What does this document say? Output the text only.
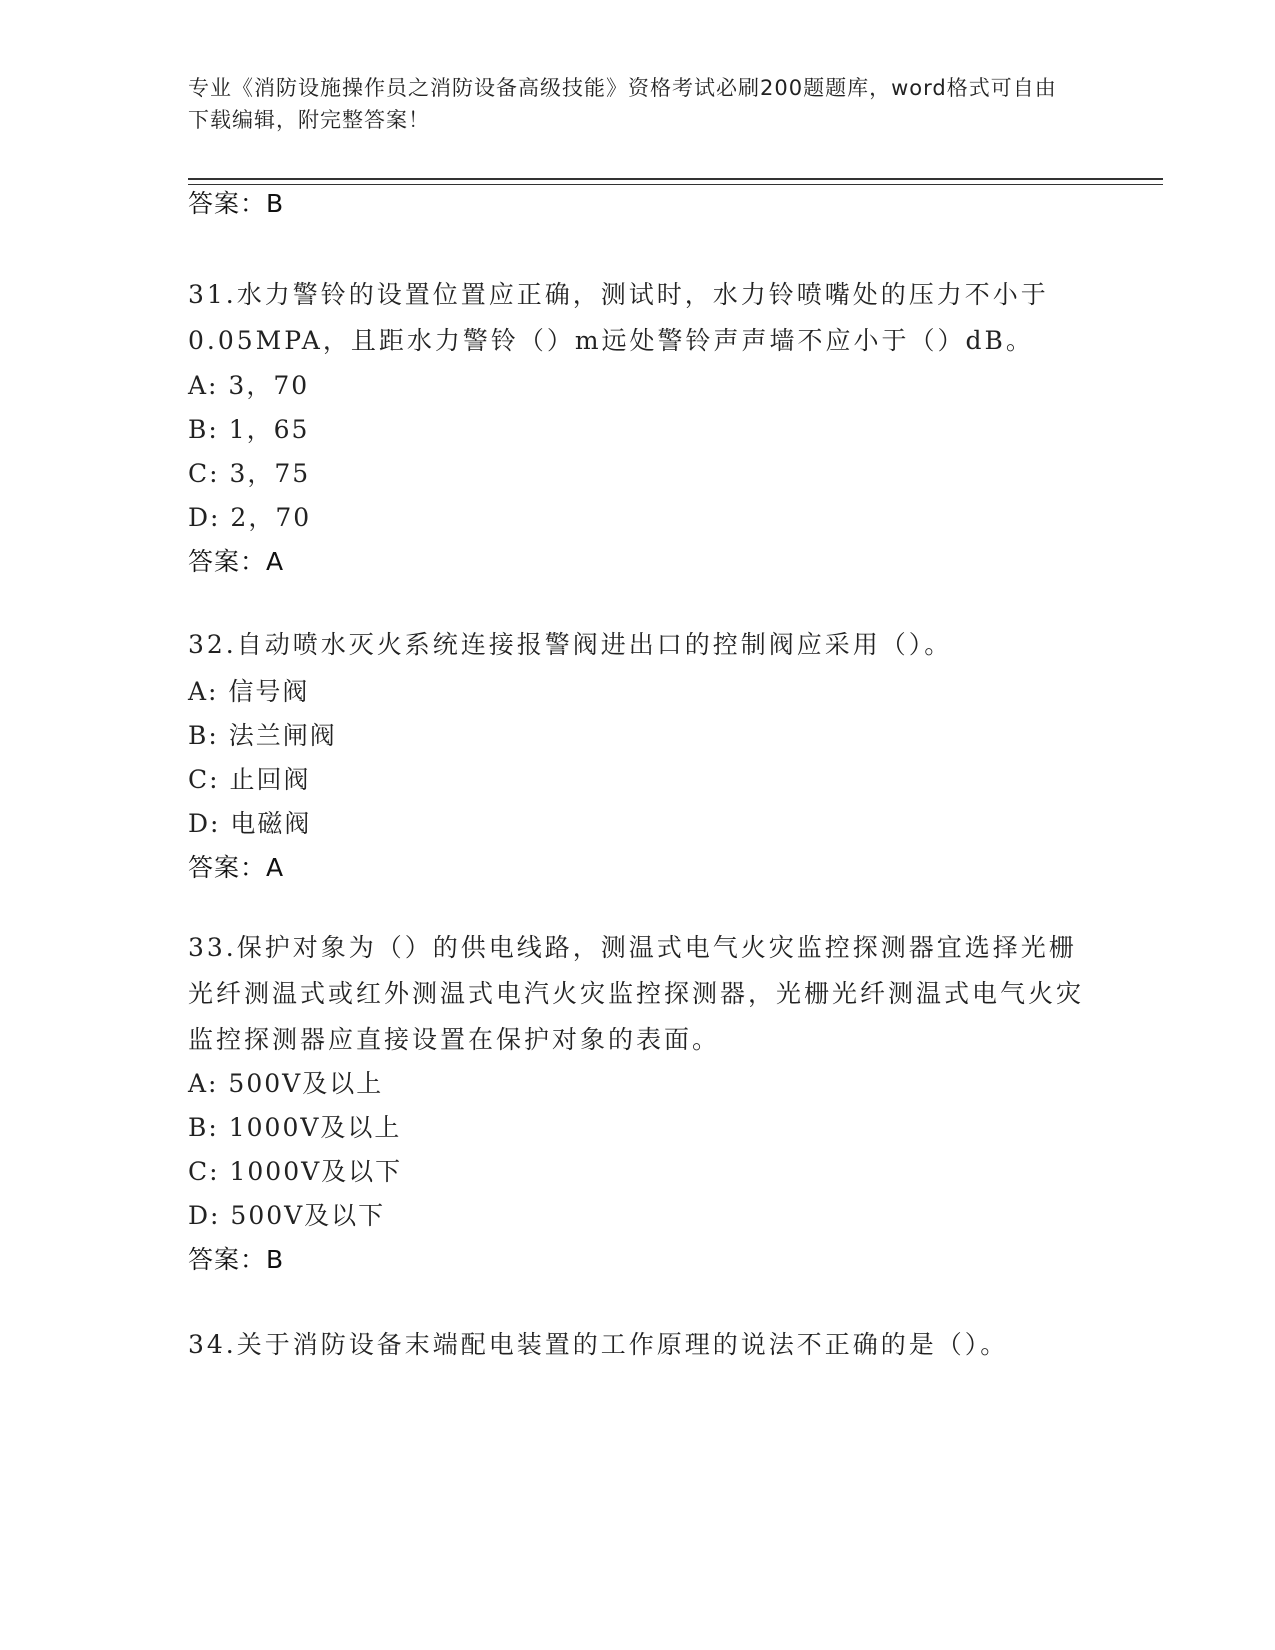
专业《消防设施操作员之消防设备高级技能》资格考试必刷200题题库，word格式可自由下载编辑，附完整答案！
答案：B
31.水力警铃的设置位置应正确，测试时，水力铃喷嘴处的压力不小于0.05MPA，且距水力警铃（）m远处警铃声声墙不应小于（）dB。
A: 3，70
B: 1，65
C: 3，75
D: 2，70
答案：A
32.自动喷水灭火系统连接报警阀进出口的控制阀应采用（）。
A: 信号阀
B: 法兰闸阀
C: 止回阀
D: 电磁阀
答案：A
33.保护对象为（）的供电线路，测温式电气火灾监控探测器宜选择光栅光纤测温式或红外测温式电汽火灾监控探测器，光栅光纤测温式电气火灾监控探测器应直接设置在保护对象的表面。
A: 500V及以上
B: 1000V及以上
C: 1000V及以下
D: 500V及以下
答案：B
34.关于消防设备末端配电装置的工作原理的说法不正确的是（）。
